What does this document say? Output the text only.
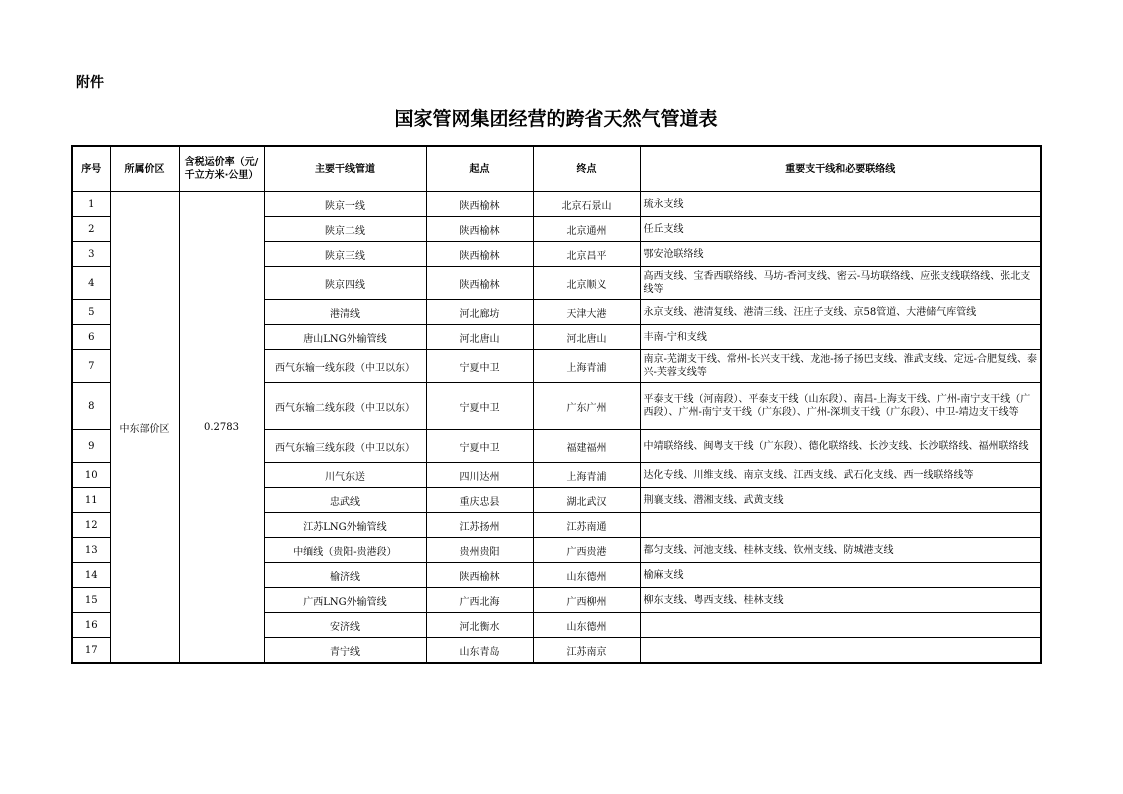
附件
国家管网集团经营的跨省天然气管道表
序号	所属价区	含税运价率（元/千立方米·公里）	主要干线管道	起点	终点	重要支干线和必要联络线
1	中东部价区	0.2783	陕京一线	陕西榆林	北京石景山	琉永支线
2			陕京二线	陕西榆林	北京通州	任丘支线
3			陕京三线	陕西榆林	北京昌平	鄂安沧联络线
4			陕京四线	陕西榆林	北京顺义	高西支线、宝香西联络线、马坊-香河支线、密云-马坊联络线、应张支线联络线、张北支线等
5			港清线	河北廊坊	天津大港	永京支线、港清复线、港清三线、汪庄子支线、京58管道、大港储气库管线
6			唐山LNG外输管线	河北唐山	河北唐山	丰南-宁和支线
7			西气东输一线东段（中卫以东）	宁夏中卫	上海青浦	南京-芜湖支干线、常州-长兴支干线、龙池-扬子扬巴支线、淮武支线、定远-合肥复线、泰兴-芙蓉支线等
8			西气东输二线东段（中卫以东）	宁夏中卫	广东广州	平泰支干线（河南段）、平泰支干线（山东段）、南昌-上海支干线、广州-南宁支干线（广西段）、广州-南宁支干线（广东段）、广州-深圳支干线（广东段）、中卫-靖边支干线等
9			西气东输三线东段（中卫以东）	宁夏中卫	福建福州	中靖联络线、闽粤支干线（广东段）、德化联络线、长沙支线、长沙联络线、福州联络线
10			川气东送	四川达州	上海青浦	达化专线、川维支线、南京支线、江西支线、武石化支线、西一线联络线等
11			忠武线	重庆忠县	湖北武汉	荆襄支线、潜湘支线、武黄支线
12			江苏LNG外输管线	江苏扬州	江苏南通	
13			中缅线（贵阳-贵港段）	贵州贵阳	广西贵港	都匀支线、河池支线、桂林支线、钦州支线、防城港支线
14			榆济线	陕西榆林	山东德州	榆麻支线
15			广西LNG外输管线	广西北海	广西柳州	柳东支线、粤西支线、桂林支线
16			安济线	河北衡水	山东德州	
17			青宁线	山东青岛	江苏南京	
